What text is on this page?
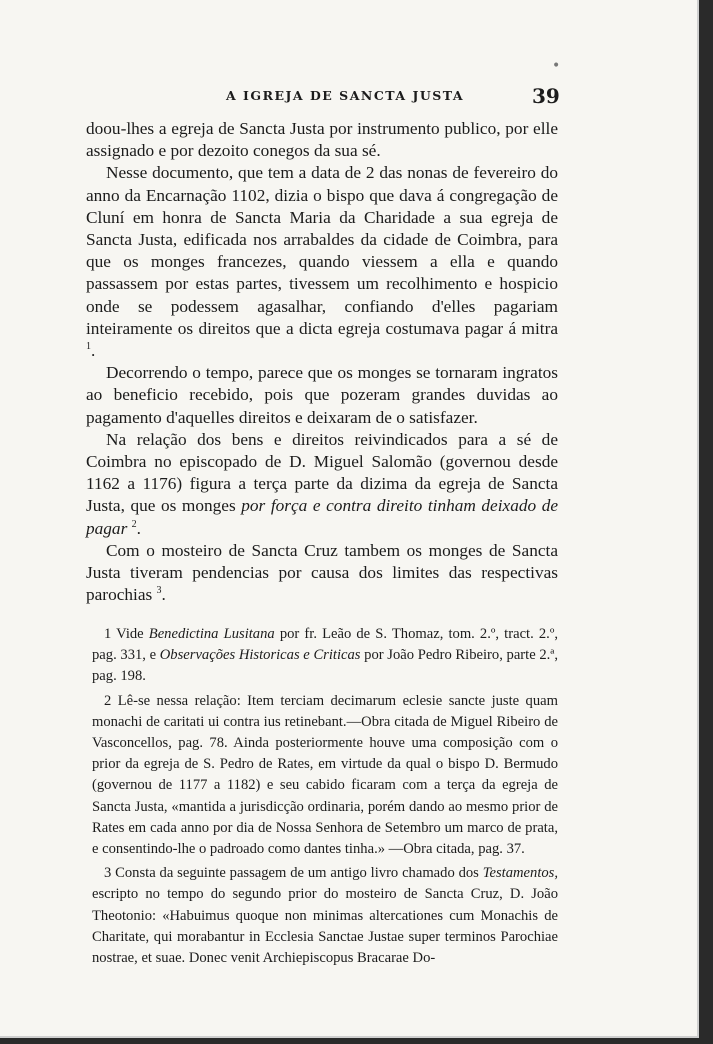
A IGREJA DE SANCTA JUSTA	39
•

doou-lhes a egreja de Sancta Justa por instrumento publico, por elle assignado e por dezoito conegos da sua sé.

Nesse documento, que tem a data de 2 das nonas de fevereiro do anno da Encarnação 1102, dizia o bispo que dava á congregação de Cluní em honra de Sancta Maria da Charidade a sua egreja de Sancta Justa, edificada nos arrabaldes da cidade de Coimbra, para que os monges francezes, quando viessem a ella e quando passassem por estas partes, tivessem um recolhimento e hospicio onde se podessem agasalhar, confiando d'elles pagariam inteiramente os direitos que a dicta egreja costumava pagar á mitra $^1$.

Decorrendo o tempo, parece que os monges se tornaram ingratos ao beneficio recebido, pois que pozeram grandes duvidas ao pagamento d'aquelles direitos e deixaram de o satisfazer.

Na relação dos bens e direitos reivindicados para a sé de Coimbra no episcopado de D. Miguel Salomão (governou desde 1162 a 1176) figura a terça parte da dizima da egreja de Sancta Justa, que os monges por força e contra direito tinham deixado de pagar $^2$.

Com o mosteiro de Sancta Cruz tambem os monges de Sancta Justa tiveram pendencias por causa dos limites das respectivas parochias $^3$.

1 Vide Benedictina Lusitana por fr. Leão de S. Thomaz, tom. 2.º, tract. 2.º, pag. 331, e Observações Historicas e Criticas por João Pedro Ribeiro, parte 2.ª, pag. 198.

2 Lê-se nessa relação: Item terciam decimarum eclesie sancte juste quam monachi de caritati ui contra ius retinebant.—Obra citada de Miguel Ribeiro de Vasconcellos, pag. 78. Ainda posteriormente houve uma composição com o prior da egreja de S. Pedro de Rates, em virtude da qual o bispo D. Bermudo (governou de 1177 a 1182) e seu cabido ficaram com a terça da egreja de Sancta Justa, «mantida a jurisdicção ordinaria, porém dando ao mesmo prior de Rates em cada anno por dia de Nossa Senhora de Setembro um marco de prata, e consentindo-lhe o padroado como dantes tinha.» —Obra citada, pag. 37.

3 Consta da seguinte passagem de um antigo livro chamado dos Testamentos, escripto no tempo do segundo prior do mosteiro de Sancta Cruz, D. João Theotonio: «Habuimus quoque non minimas altercationes cum Monachis de Charitate, qui morabantur in Ecclesia Sanctae Justae super terminos Parochiae nostrae, et suae. Donec venit Archiepiscopus Bracarae Do-
